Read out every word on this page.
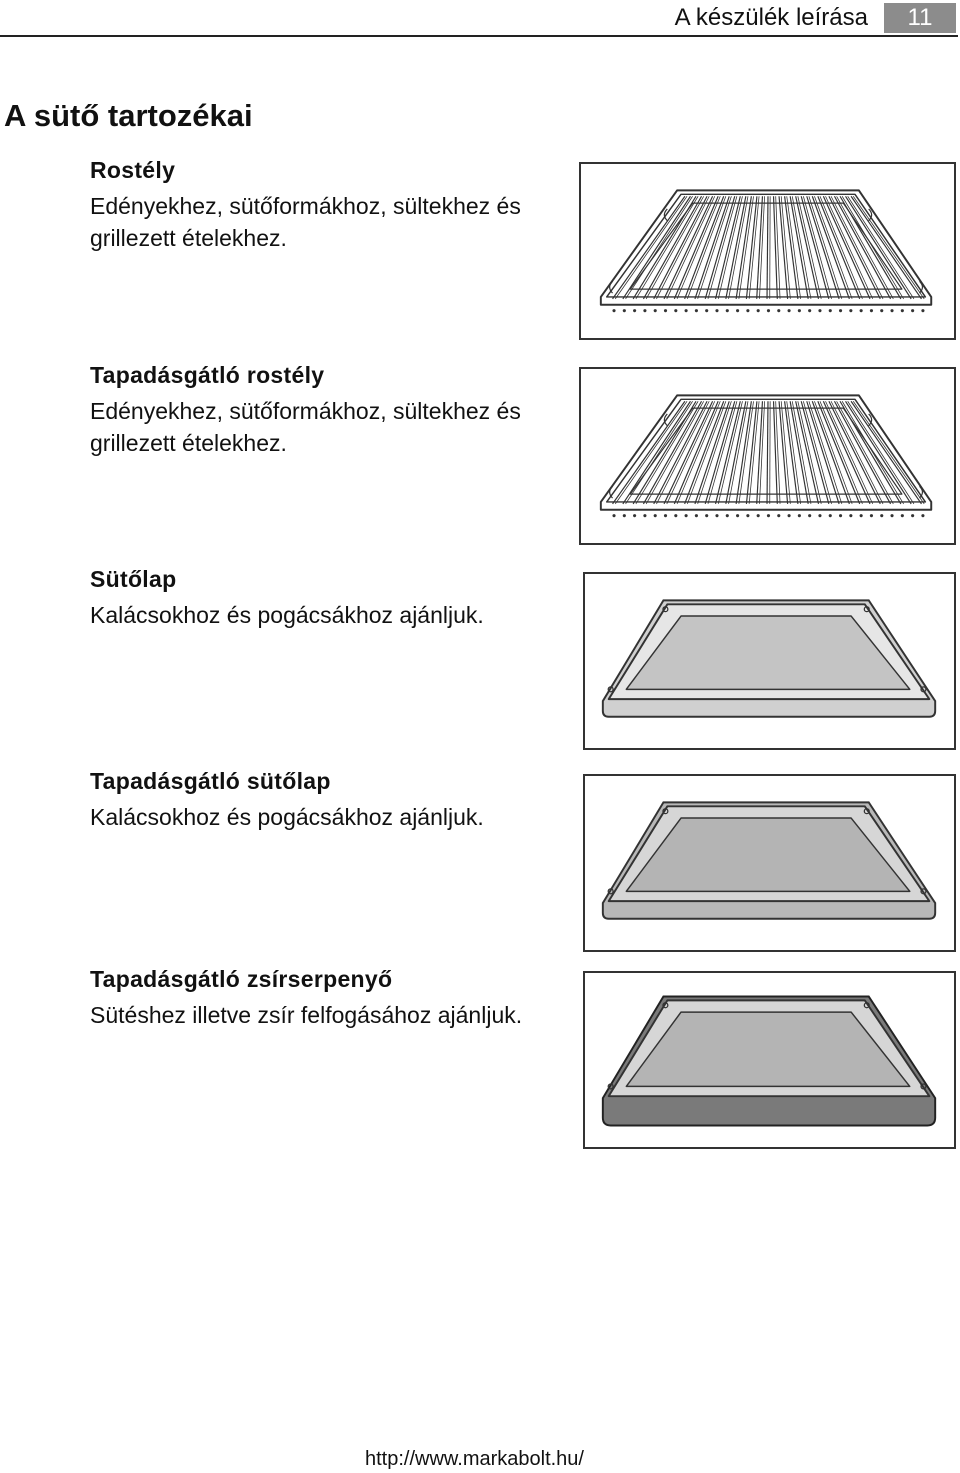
A készülék leírása	11
A sütő tartozékai
Rostély

Edényekhez, sütőformákhoz, sültekhez és grillezett ételekhez.

Tapadásgátló rostély

Edényekhez, sütőformákhoz, sültekhez és grillezett ételekhez.

Sütőlap

Kalácsokhoz és pogácsákhoz ajánljuk.

Tapadásgátló sütőlap

Kalácsokhoz és pogácsákhoz ajánljuk.

Tapadásgátló zsírserpenyő

Sütéshez illetve zsír felfogásához ajánljuk.

http://www.markabolt.hu/
